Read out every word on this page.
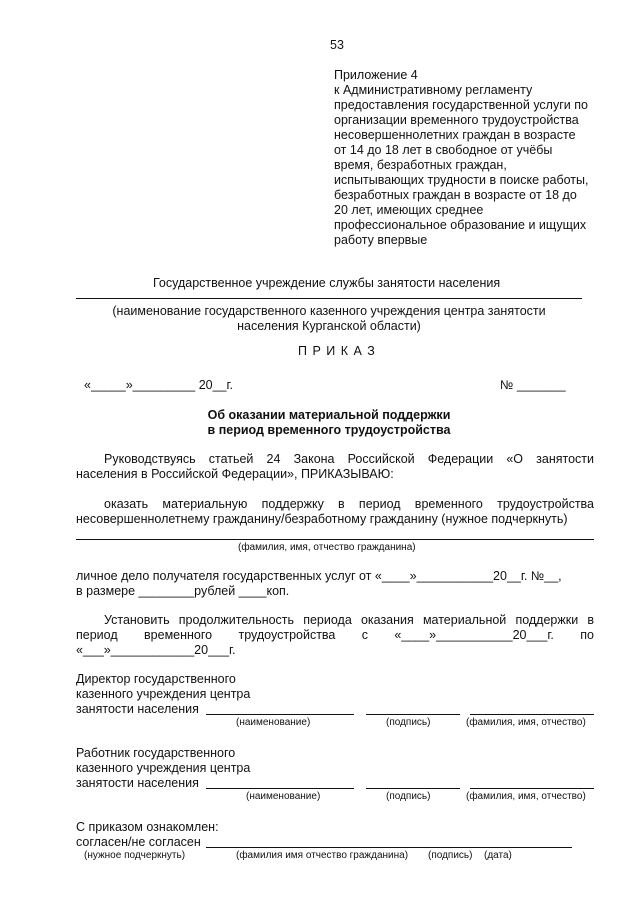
53
Приложение 4
к Административному регламенту
предоставления государственной услуги по
организации временного трудоустройства
несовершеннолетних граждан в возрасте
от 14 до 18 лет в свободное от учёбы
время, безработных граждан,
испытывающих трудности в поиске работы,
безработных граждан в возрасте от 18 до
20 лет, имеющих среднее
профессиональное образование и ищущих
работу впервые
Государственное учреждение службы занятости населения
(наименование государственного казенного учреждения центра занятости
населения Курганской области)
П Р И К А З
«_____»_________ 20__г.	№ _______
Об оказании материальной поддержки
в период временного трудоустройства
Руководствуясь статьей 24 Закона Российской Федерации «О занятости
населения в Российской Федерации», ПРИКАЗЫВАЮ:
оказать материальную поддержку в период временного трудоустройства
несовершеннолетнему гражданину/безработному гражданину (нужное подчеркнуть)
(фамилия, имя, отчество гражданина)
личное дело получателя государственных услуг от «____»___________20__г. №__,
в размере ________рублей ____коп.
Установить продолжительность периода оказания материальной поддержки в
период временного трудоустройства с «____»___________20___г. по
«___»____________20___г.
Директор государственного
казенного учреждения центра
занятости населения
(наименование)	(подпись)	(фамилия, имя, отчество)
Работник государственного
казенного учреждения центра
занятости населения
(наименование)	(подпись)	(фамилия, имя, отчество)
С приказом ознакомлен:
согласен/не согласен
(нужное подчеркнуть)	(фамилия имя отчество гражданина) (подпись) (дата)
